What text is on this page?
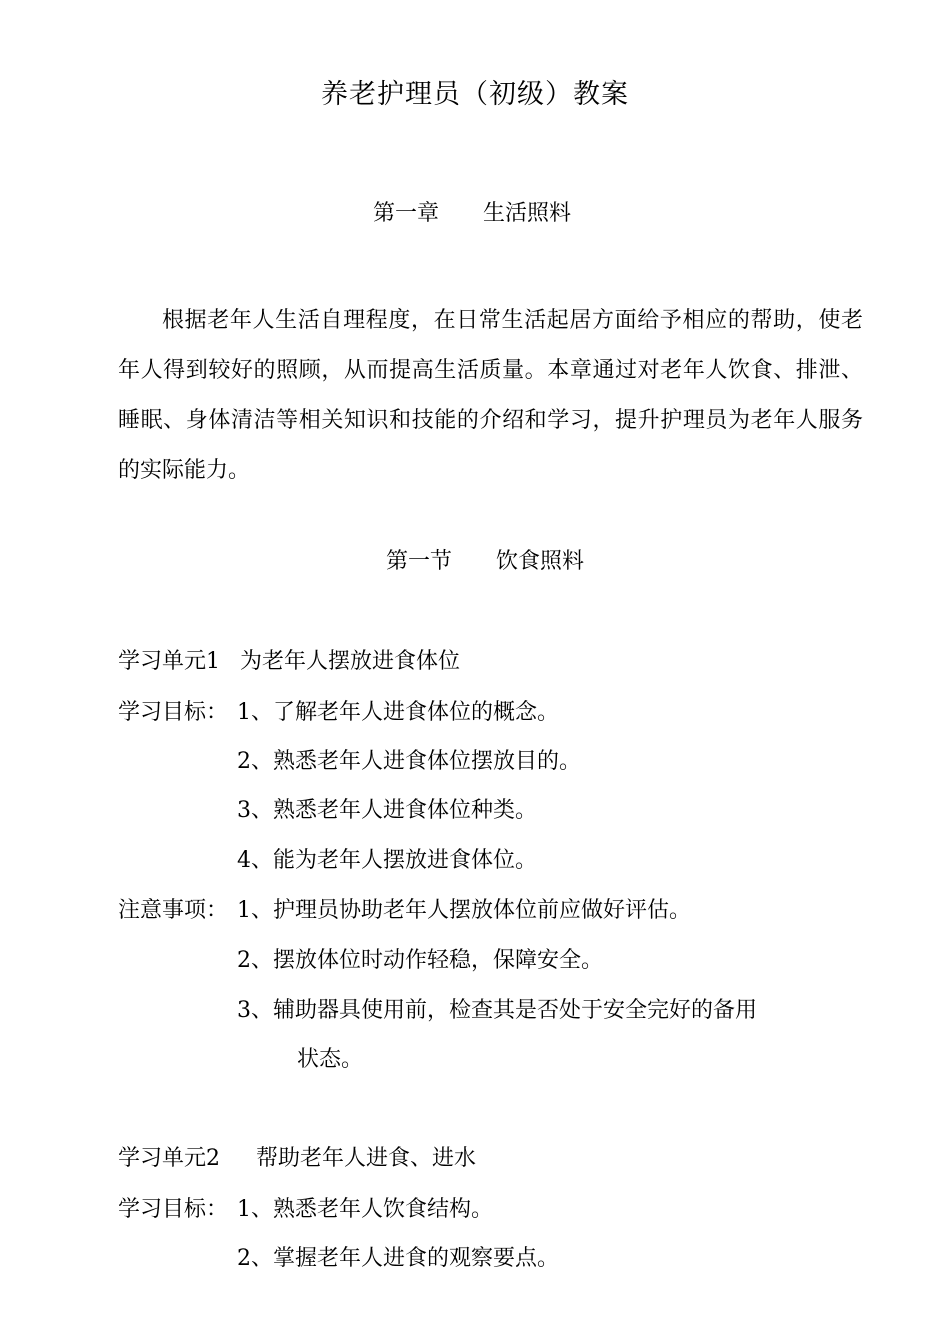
养老护理员（初级）教案
第一章 生活照料
根据老年人生活自理程度，在日常生活起居方面给予相应的帮助，使老年人得到较好的照顾，从而提高生活质量。本章通过对老年人饮食、排泄、睡眠、身体清洁等相关知识和技能的介绍和学习，提升护理员为老年人服务的实际能力。
第一节 饮食照料
学习单元1 为老年人摆放进食体位
学习目标： 1、了解老年人进食体位的概念。
2、熟悉老年人进食体位摆放目的。
3、熟悉老年人进食体位种类。
4、能为老年人摆放进食体位。
注意事项： 1、护理员协助老年人摆放体位前应做好评估。
2、摆放体位时动作轻稳，保障安全。
3、辅助器具使用前，检查其是否处于安全完好的备用
状态。
学习单元2 帮助老年人进食、进水
学习目标： 1、熟悉老年人饮食结构。
2、掌握老年人进食的观察要点。
